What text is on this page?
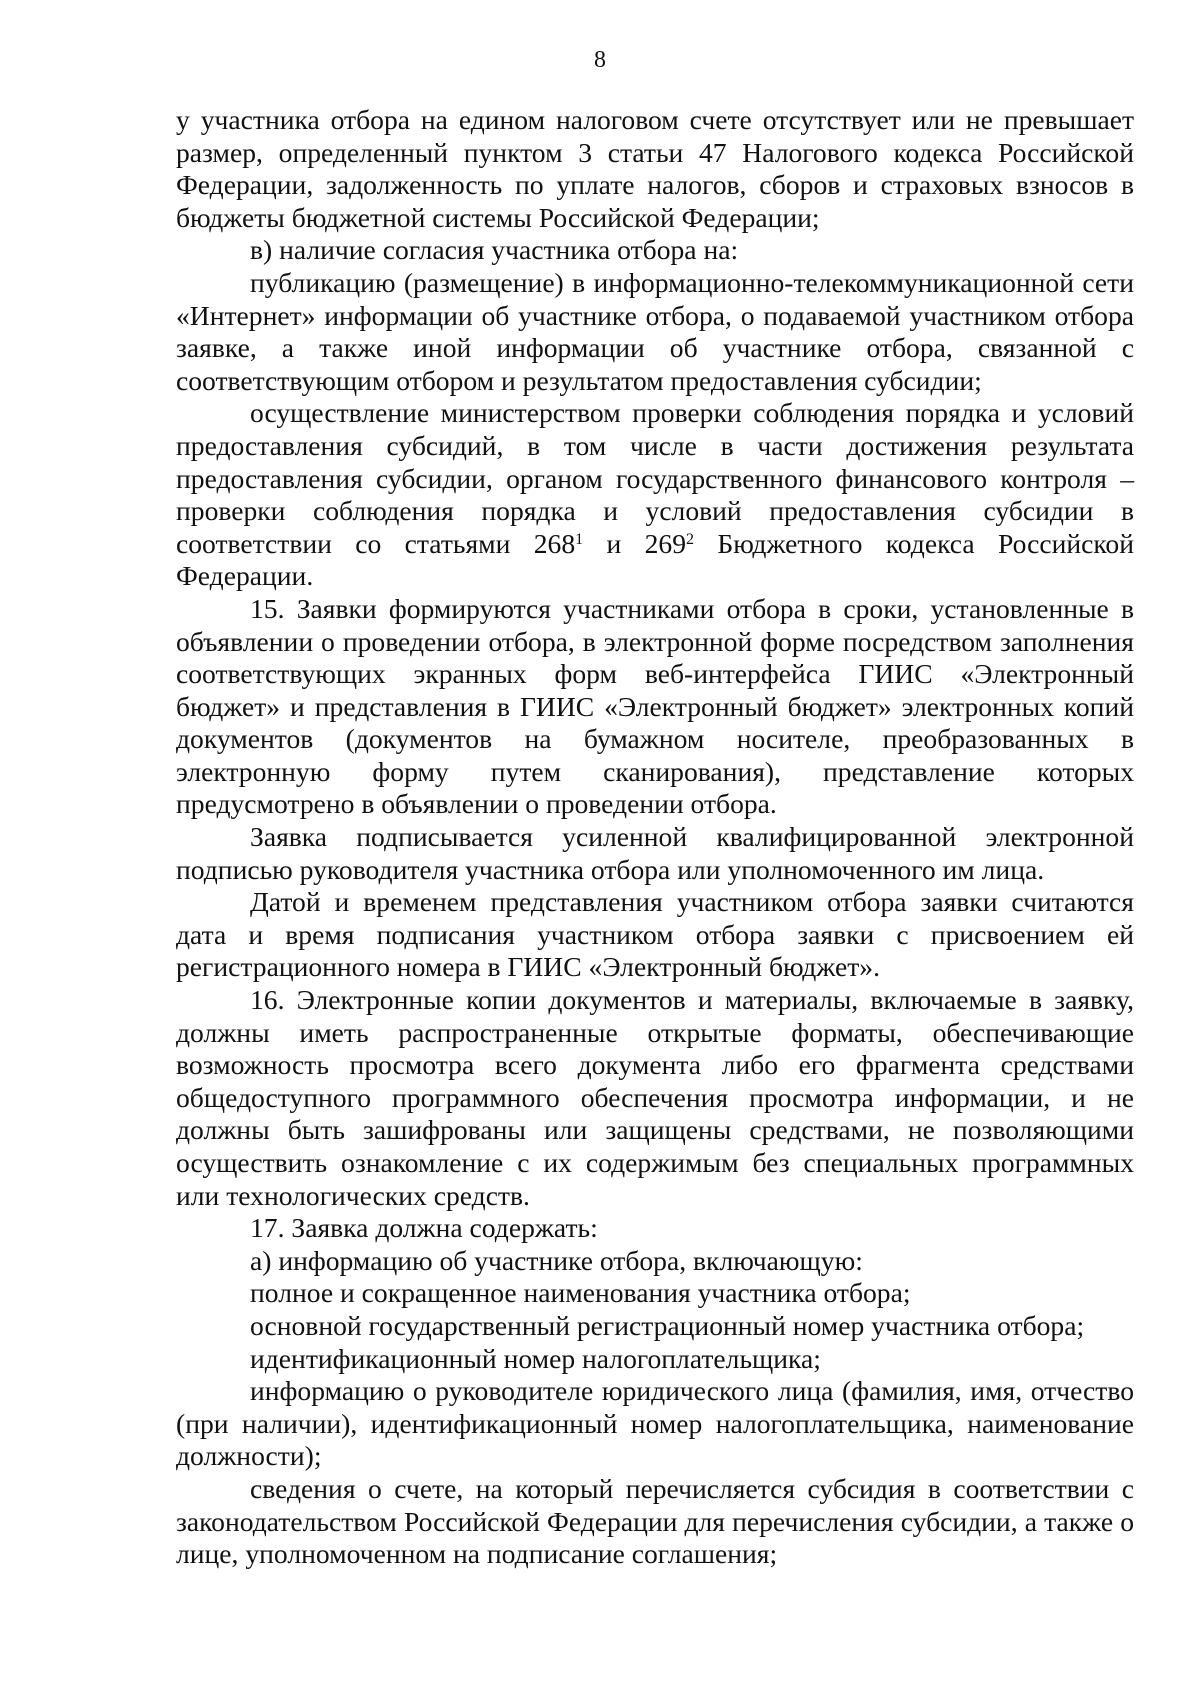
8

у участника отбора на едином налоговом счете отсутствует или не превышает размер, определенный пунктом 3 статьи 47 Налогового кодекса Российской Федерации, задолженность по уплате налогов, сборов и страховых взносов в бюджеты бюджетной системы Российской Федерации;

в) наличие согласия участника отбора на:

публикацию (размещение) в информационно-телекоммуникационной сети «Интернет» информации об участнике отбора, о подаваемой участником отбора заявке, а также иной информации об участнике отбора, связанной с соответствующим отбором и результатом предоставления субсидии;

осуществление министерством проверки соблюдения порядка и условий предоставления субсидий, в том числе в части достижения результата предоставления субсидии, органом государственного финансового контроля – проверки соблюдения порядка и условий предоставления субсидии в соответствии со статьями $268^1$ и $269^2$ Бюджетного кодекса Российской Федерации.

15. Заявки формируются участниками отбора в сроки, установленные в объявлении о проведении отбора, в электронной форме посредством заполнения соответствующих экранных форм веб-интерфейса ГИИС «Электронный бюджет» и представления в ГИИС «Электронный бюджет» электронных копий документов (документов на бумажном носителе, преобразованных в электронную форму путем сканирования), представление которых предусмотрено в объявлении о проведении отбора.

Заявка подписывается усиленной квалифицированной электронной подписью руководителя участника отбора или уполномоченного им лица.

Датой и временем представления участником отбора заявки считаются дата и время подписания участником отбора заявки с присвоением ей регистрационного номера в ГИИС «Электронный бюджет».

16. Электронные копии документов и материалы, включаемые в заявку, должны иметь распространенные открытые форматы, обеспечивающие возможность просмотра всего документа либо его фрагмента средствами общедоступного программного обеспечения просмотра информации, и не должны быть зашифрованы или защищены средствами, не позволяющими осуществить ознакомление с их содержимым без специальных программных или технологических средств.

17. Заявка должна содержать:

а) информацию об участнике отбора, включающую:

полное и сокращенное наименования участника отбора;

основной государственный регистрационный номер участника отбора;

идентификационный номер налогоплательщика;

информацию о руководителе юридического лица (фамилия, имя, отчество (при наличии), идентификационный номер налогоплательщика, наименование должности);

сведения о счете, на который перечисляется субсидия в соответствии с законодательством Российской Федерации для перечисления субсидии, а также о лице, уполномоченном на подписание соглашения;
